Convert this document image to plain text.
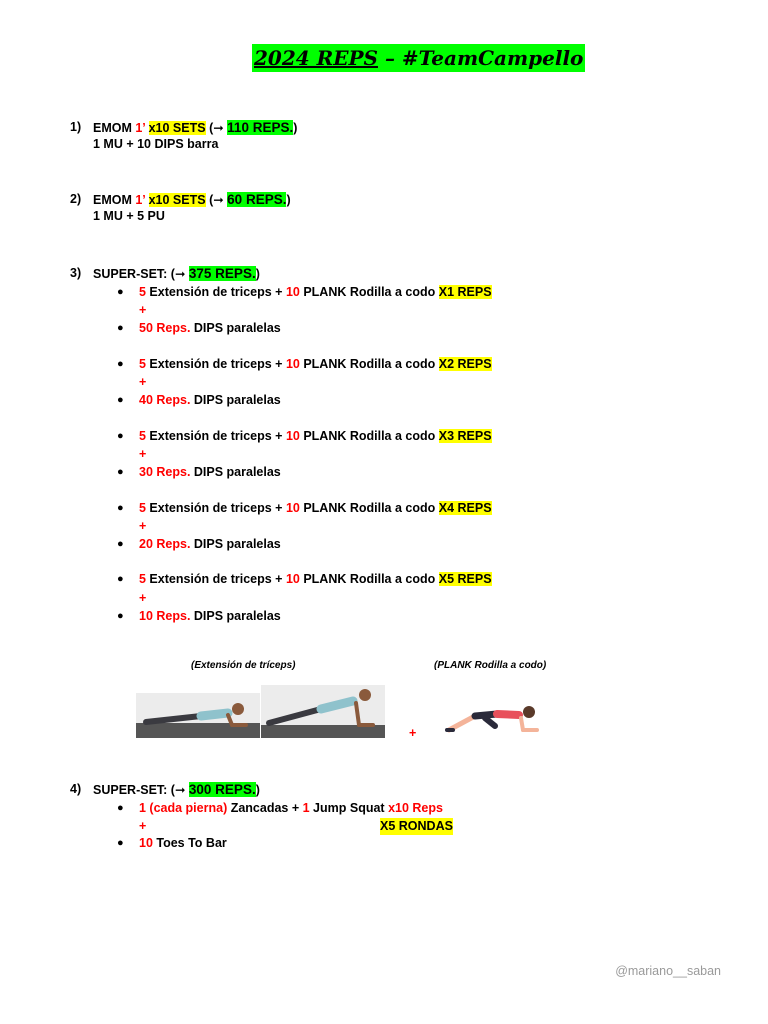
2024 REPS – #TeamCampello
1) EMOM 1’ x10 SETS (➞ 110 REPS.)
1 MU + 10 DIPS barra
2) EMOM 1’ x10 SETS (➞ 60 REPS.)
1 MU + 5 PU
3) SUPER-SET: (➞ 375 REPS.)
● 5 Extensión de triceps + 10 PLANK Rodilla a codo X1 REPS
+
● 50 Reps. DIPS paralelas
● 5 Extensión de triceps + 10 PLANK Rodilla a codo X2 REPS
+
● 40 Reps. DIPS paralelas
● 5 Extensión de triceps + 10 PLANK Rodilla a codo X3 REPS
+
● 30 Reps. DIPS paralelas
● 5 Extensión de triceps + 10 PLANK Rodilla a codo X4 REPS
+
● 20 Reps. DIPS paralelas
● 5 Extensión de triceps + 10 PLANK Rodilla a codo X5 REPS
+
● 10 Reps. DIPS paralelas
(Extensión de tríceps)	(PLANK Rodilla a codo)
+
4) SUPER-SET: (➞ 300 REPS.)
● 1 (cada pierna) Zancadas + 1 Jump Squat x10 Reps
+	X5 RONDAS
● 10 Toes To Bar
@mariano__saban
